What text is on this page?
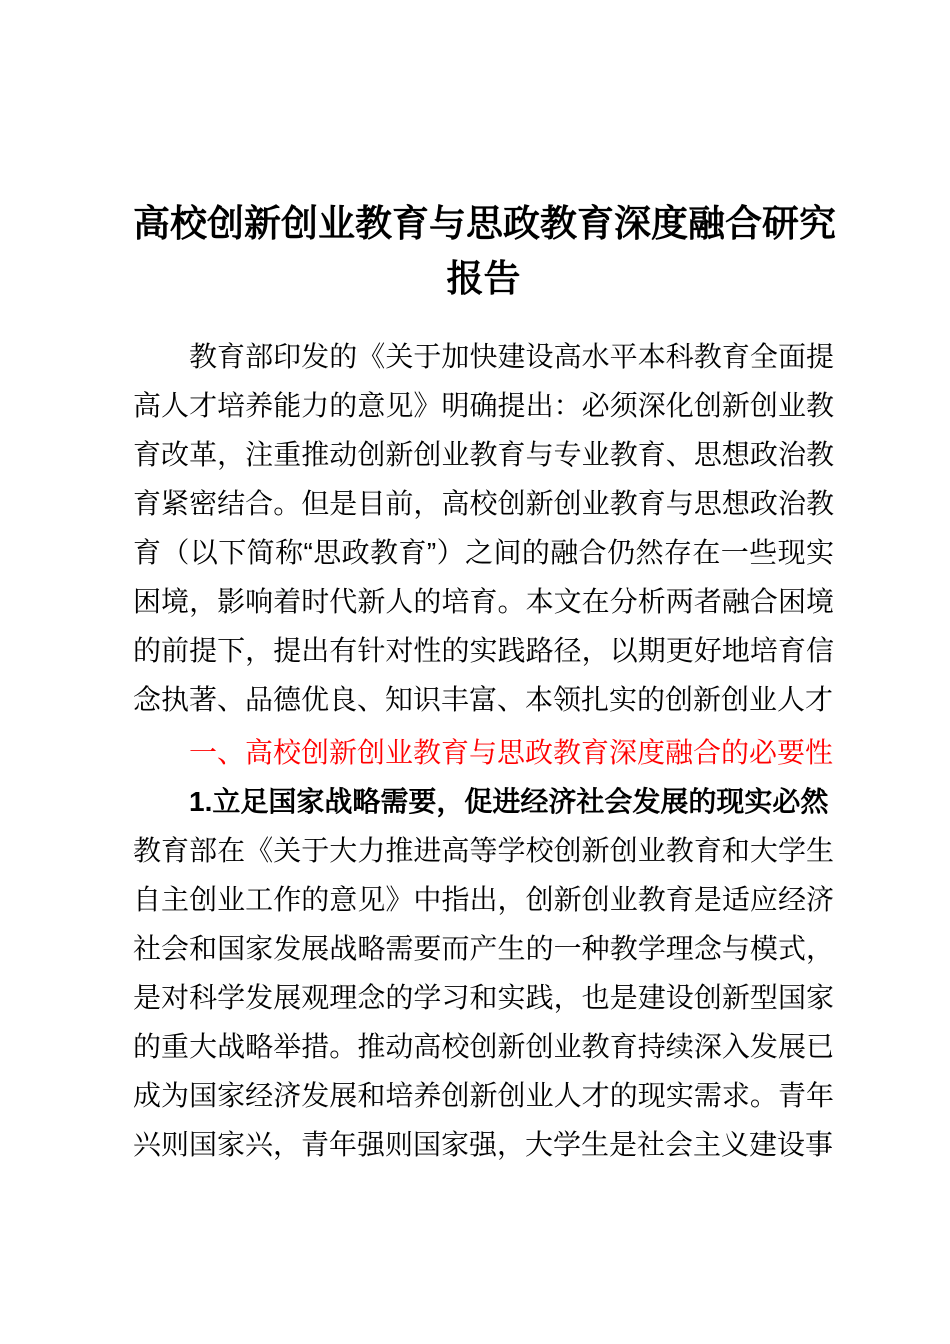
高校创新创业教育与思政教育深度融合研究
报告

教育部印发的《关于加快建设高水平本科教育全面提高人才培养能力的意见》明确提出：必须深化创新创业教育改革，注重推动创新创业教育与专业教育、思想政治教育紧密结合。但是目前，高校创新创业教育与思想政治教育（以下简称“思政教育”）之间的融合仍然存在一些现实困境，影响着时代新人的培育。本文在分析两者融合困境的前提下，提出有针对性的实践路径，以期更好地培育信念执著、品德优良、知识丰富、本领扎实的创新创业人才

一、高校创新创业教育与思政教育深度融合的必要性
1.立足国家战略需要，促进经济社会发展的现实必然

教育部在《关于大力推进高等学校创新创业教育和大学生自主创业工作的意见》中指出，创新创业教育是适应经济社会和国家发展战略需要而产生的一种教学理念与模式，是对科学发展观理念的学习和实践，也是建设创新型国家的重大战略举措。推动高校创新创业教育持续深入发展已成为国家经济发展和培养创新创业人才的现实需求。青年兴则国家兴，青年强则国家强，大学生是社会主义建设事
